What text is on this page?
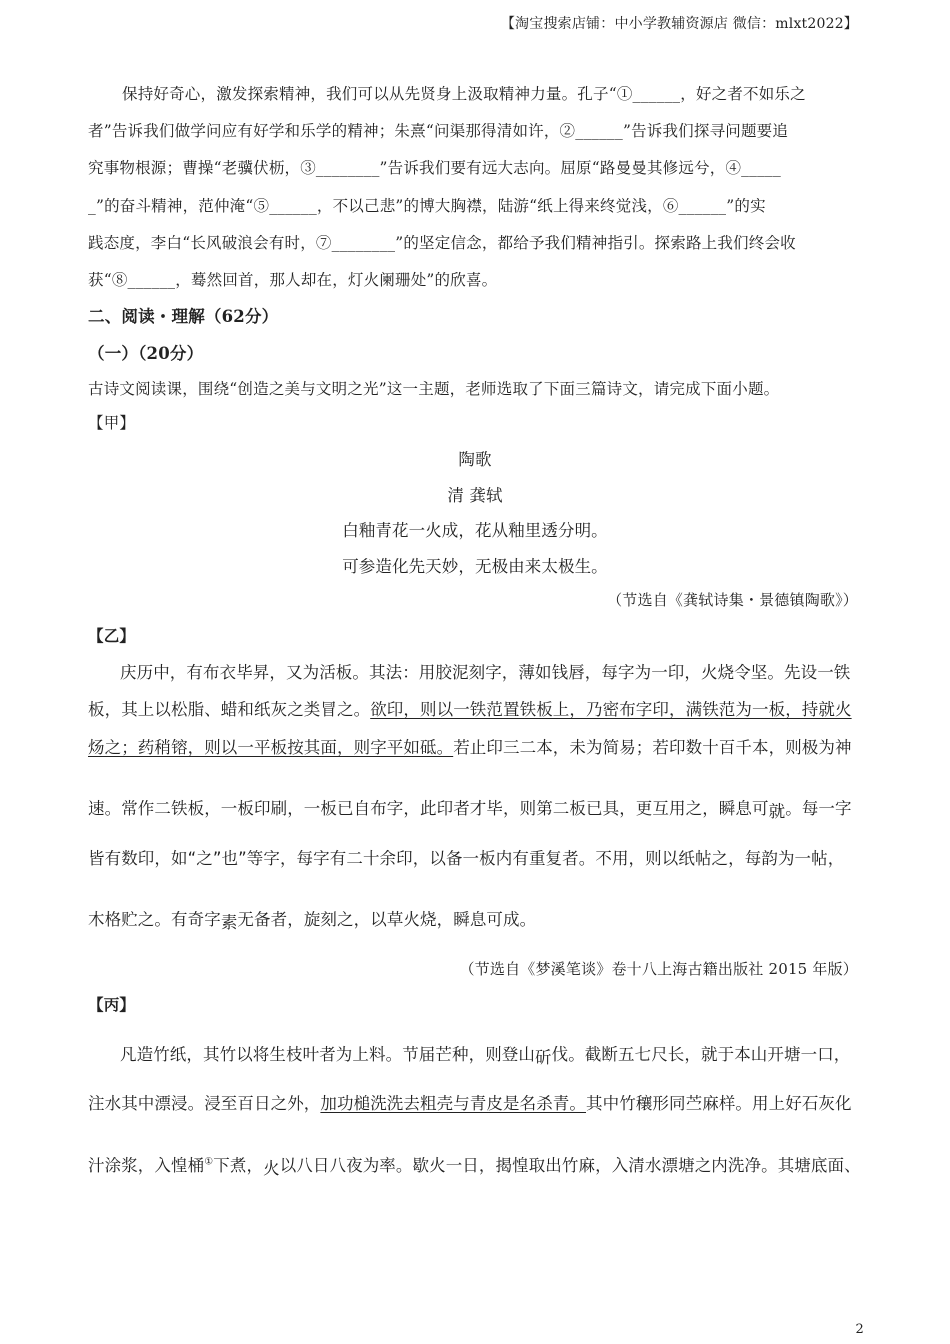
【淘宝搜索店铺：中小学教辅资源店 微信：mlxt2022】
保持好奇心，激发探索精神，我们可以从先贤身上汲取精神力量。孔子“①______，好之者不如乐之
者”告诉我们做学问应有好学和乐学的精神；朱熹“问渠那得清如许，②______”告诉我们探寻问题要追
究事物根源；曹操“老骥伏枥，③________”告诉我们要有远大志向。屈原“路曼曼其修远兮，④_____
_”的奋斗精神，范仲淹“⑤______，不以己悲”的博大胸襟，陆游“纸上得来终觉浅，⑥______”的实
践态度，李白“长风破浪会有时，⑦________”的坚定信念，都给予我们精神指引。探索路上我们终会收
获“⑧______，蓦然回首，那人却在，灯火阑珊处”的欣喜。
二、阅读・理解（62分）
（一）（20分）
古诗文阅读课，围绕“创造之美与文明之光”这一主题，老师选取了下面三篇诗文，请完成下面小题。
【甲】
陶歌
清 龚轼
白釉青花一火成，花从釉里透分明。
可参造化先天妙，无极由来太极生。
（节选自《龚轼诗集・景德镇陶歌》）
【乙】
庆历中，有布衣毕昇，又为活板。其法：用胶泥刻字，薄如钱唇，每字为一印，火烧令坚。先设一铁
板，其上以松脂、蜡和纸灰之类冒之。欲印，则以一铁范置铁板上，乃密布字印，满铁范为一板，持就火
炀之；药稍镕，则以一平板按其面，则字平如砥。若止印三二本，未为简易；若印数十百千本，则极为神
速。常作二铁板，一板印刷，一板已自布字，此印者才毕，则第二板已具，更互用之，瞬息可就。每一字
皆有数印，如“之”也”等字，每字有二十余印，以备一板内有重复者。不用，则以纸帖之，每韵为一帖，
木格贮之。有奇字素无备者，旋刻之，以草火烧，瞬息可成。
（节选自《梦溪笔谈》卷十八上海古籍出版社 2015 年版）
【丙】
凡造竹纸，其竹以将生枝叶者为上料。节届芒种，则登山斫伐。截断五七尺长，就于本山开塘一口，
注水其中漂浸。浸至百日之外，加功槌洗洗去粗壳与青皮是名杀青。其中竹穰形同苎麻样。用上好石灰化
汁涂浆，入惶桶①下煮，火以八日八夜为率。歇火一日，揭惶取出竹麻，入清水漂塘之内洗净。其塘底面、
2
